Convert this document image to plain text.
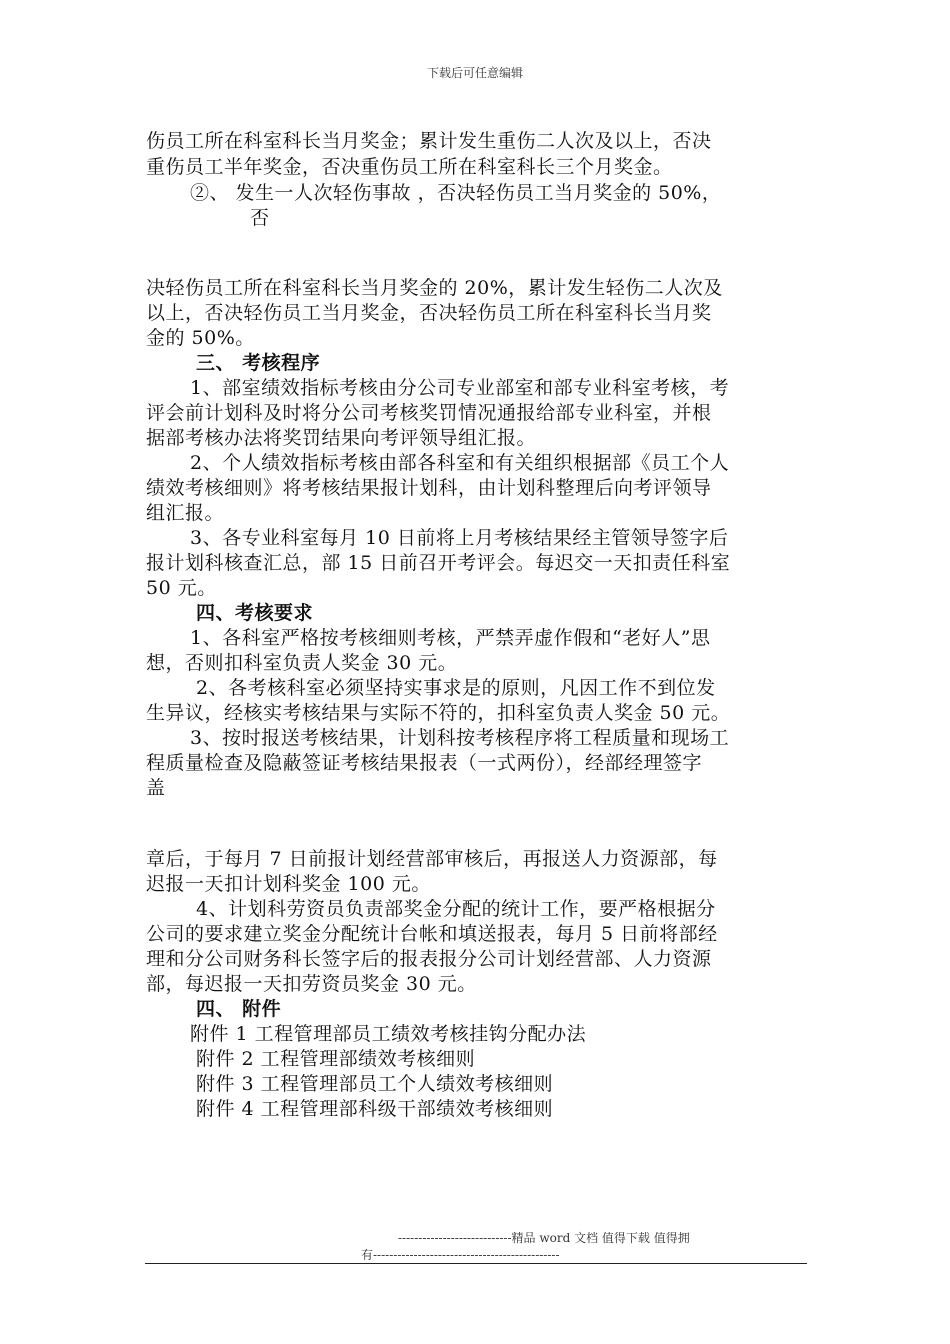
下载后可任意编辑
伤员工所在科室科长当月奖金；累计发生重伤二人次及以上，否决
重伤员工半年奖金，否决重伤员工所在科室科长三个月奖金。
②、 发生一人次轻伤事故 ，否决轻伤员工当月奖金的 50%，
否
决轻伤员工所在科室科长当月奖金的 20%，累计发生轻伤二人次及
以上，否决轻伤员工当月奖金，否决轻伤员工所在科室科长当月奖
金的 50%。
三、 考核程序
1、部室绩效指标考核由分公司专业部室和部专业科室考核，考
评会前计划科及时将分公司考核奖罚情况通报给部专业科室，并根
据部考核办法将奖罚结果向考评领导组汇报。
2、个人绩效指标考核由部各科室和有关组织根据部《员工个人
绩效考核细则》将考核结果报计划科，由计划科整理后向考评领导
组汇报。
3、各专业科室每月 10 日前将上月考核结果经主管领导签字后
报计划科核查汇总，部 15 日前召开考评会。每迟交一天扣责任科室
50 元。
四、考核要求
1、各科室严格按考核细则考核，严禁弄虚作假和“老好人”思
想，否则扣科室负责人奖金 30 元。
2、各考核科室必须坚持实事求是的原则，凡因工作不到位发
生异议，经核实考核结果与实际不符的，扣科室负责人奖金 50 元。
3、按时报送考核结果，计划科按考核程序将工程质量和现场工
程质量检查及隐蔽签证考核结果报表（一式两份），经部经理签字
盖
章后，于每月 7 日前报计划经营部审核后，再报送人力资源部，每
迟报一天扣计划科奖金 100 元。
4、计划科劳资员负责部奖金分配的统计工作，要严格根据分
公司的要求建立奖金分配统计台帐和填送报表，每月 5 日前将部经
理和分公司财务科长签字后的报表报分公司计划经营部、人力资源
部，每迟报一天扣劳资员奖金 30 元。
四、 附件
附件 1 工程管理部员工绩效考核挂钩分配办法
附件 2 工程管理部绩效考核细则
附件 3 工程管理部员工个人绩效考核细则
附件 4 工程管理部科级干部绩效考核细则
----------------------------精品 word 文档 值得下载 值得拥
有----------------------------------------------
